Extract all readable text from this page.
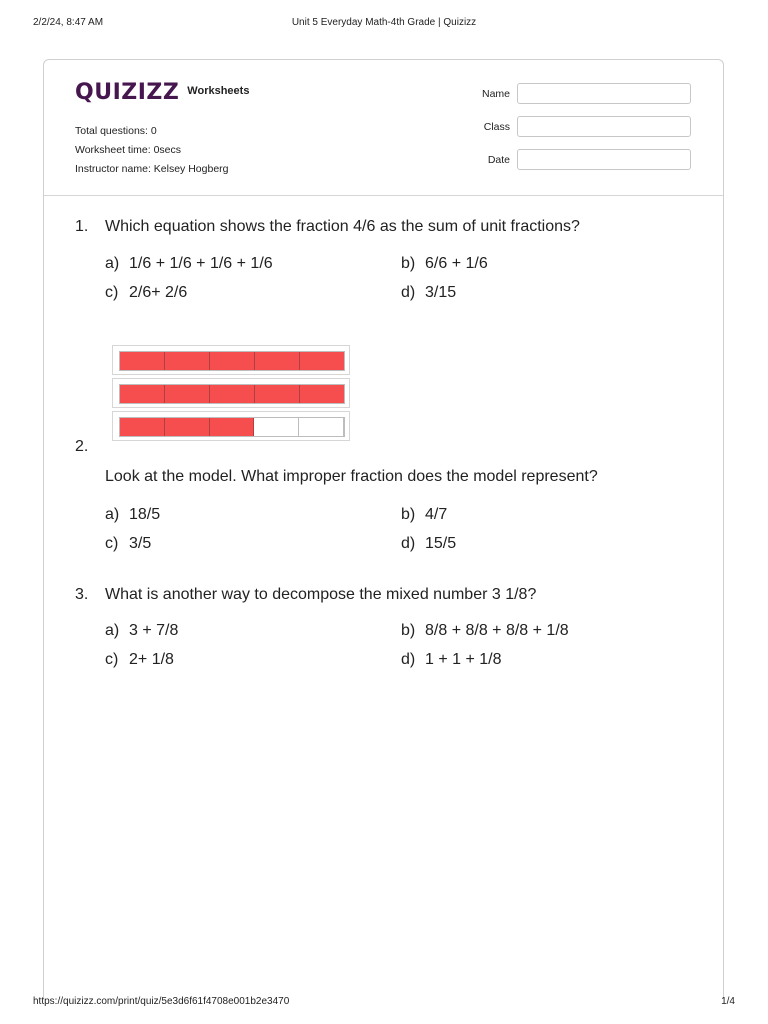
2/2/24, 8:47 AM	Unit 5 Everyday Math-4th Grade | Quizizz
QUIZIZZ Worksheets
Total questions: 0
Worksheet time: 0secs
Instructor name: Kelsey Hogberg
Name
Class
Date
1. Which equation shows the fraction 4/6 as the sum of unit fractions?
a) 1/6 + 1/6 + 1/6 + 1/6	b) 6/6 + 1/6
c) 2/6+ 2/6	d) 3/15
2.
Look at the model. What improper fraction does the model represent?
a) 18/5	b) 4/7
c) 3/5	d) 15/5
3. What is another way to decompose the mixed number 3 1/8?
a) 3 + 7/8	b) 8/8 + 8/8 + 8/8 + 1/8
c) 2+ 1/8	d) 1 + 1 + 1/8
https://quizizz.com/print/quiz/5e3d6f61f4708e001b2e3470	1/4
